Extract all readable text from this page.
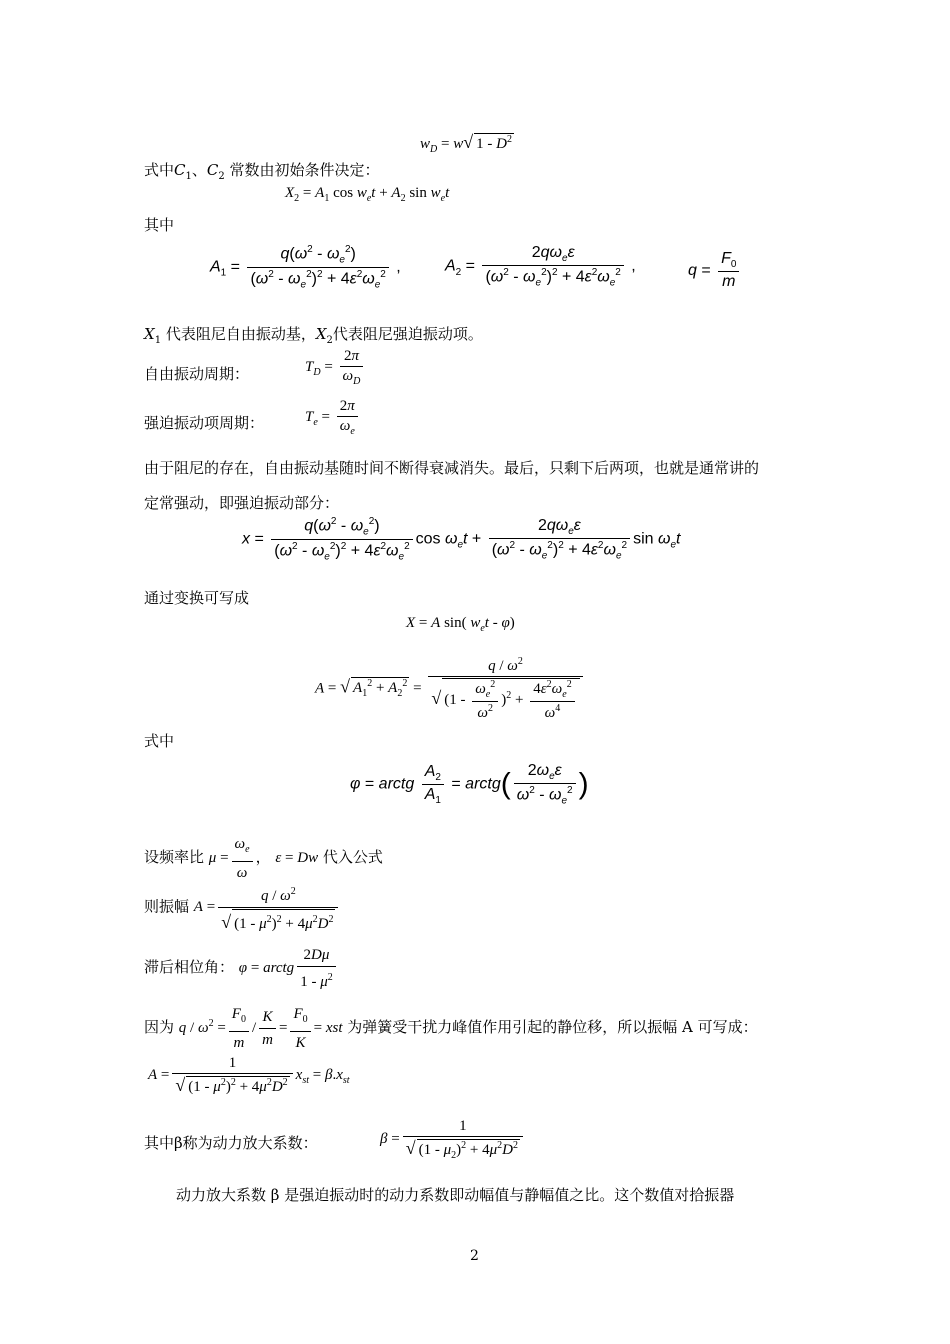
$w_D = w√$ $1 - D^2$
式中$C_1$、$C_2$ 常数由初始条件决定：
$X_2 = A_1$ $\cos w_et + A_2$ $\sin w_et$
其中
$A_1 = \frac{q(\omega^2 - \omega_e^2)}{(\omega^2 - \omega_e^2)^2 + 4\varepsilon^2\omega_e^2}$ ,	$A_2 = \frac{2q\omega_e\varepsilon}{(\omega^2 - \omega_e^2)^2 + 4\varepsilon^2\omega_e^2}$ ,	$q = \frac{F_0}{m}$
$X_1$ 代表阻尼自由振动基，$X_2$代表阻尼强迫振动项。
自由振动周期：	$T_D = \frac{2\pi}{\omega_D}$
强迫振动项周期：	$T_e = \frac{2\pi}{\omega_e}$
由于阻尼的存在，自由振动基随时间不断得衰减消失。最后，只剩下后两项，也就是通常讲的
定常强动，即强迫振动部分：
$x = \frac{q(\omega^2 - \omega_e^2)}{(\omega^2 - \omega_e^2)^2 + 4\varepsilon^2\omega_e^2}$ $\cos \omega_et + \frac{2q\omega_e\varepsilon}{(\omega^2 - \omega_e^2)^2 + 4\varepsilon^2\omega_e^2}$ $\sin \omega_et$
通过变换可写成
X = A sin( $w_et - \varphi$)
A = √ $A_1^2 + A_2^2 = \frac{q / \omega^2}{√ (1 - \frac{\omega_e^2}{\omega^2} )^2 + \frac{4\varepsilon^2\omega_e^2}{\omega^4}}$
式中
φ = arctg $\frac{A_2}{A_1}$ = arctg( $\frac{2\omega_e\varepsilon}{\omega^2 - \omega_e^2}$ )
设频率比 $\mu = \frac{\omega_e}{\omega}$ ， ε = Dw 代入公式
则振幅 $A = \frac{q / \omega^2}{√ (1 - \mu^2)^2 + 4\mu^2D^2}$
滞后相位角： φ = arctg $\frac{2D\mu}{1 - \mu^2}$
因为 $q / \omega^2 = \frac{F_0}{m} / \frac{K}{m} = \frac{F_0}{K}$ = xst 为弹簧受干扰力峰值作用引起的静位移，所以振幅 A 可写成：
$A = \frac{1}{√ (1 - \mu^2)^2 + 4\mu^2D^2} x_{st} = \beta.x_{st}$
其中β称为动力放大系数：	$\beta = \frac{1}{√ (1 - \mu_2)^2 + 4\mu^2D^2}$
动力放大系数 β 是强迫振动时的动力系数即动幅值与静幅值之比。这个数值对拾振器
2
